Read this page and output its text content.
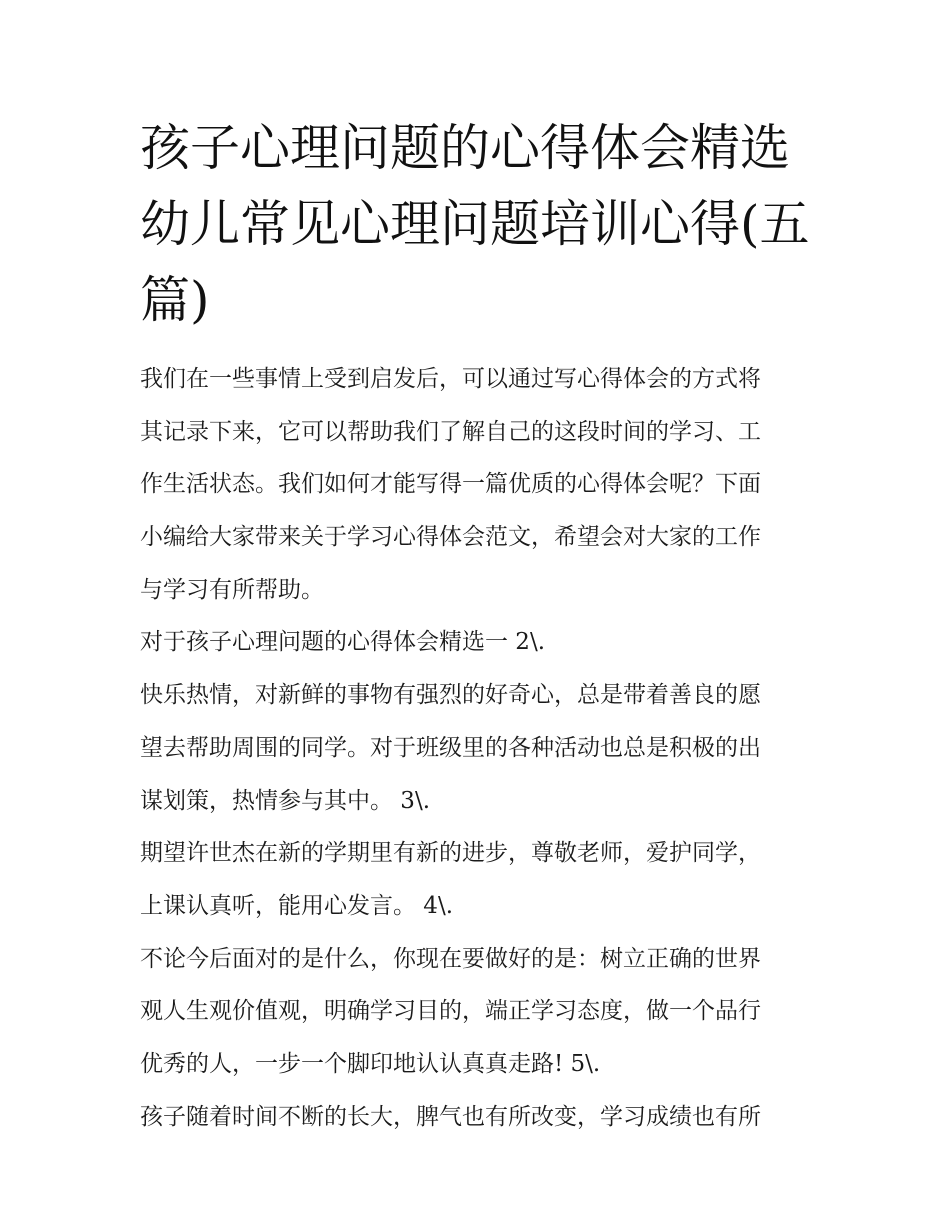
孩子心理问题的心得体会精选
幼儿常见心理问题培训心得(五
篇)
我们在一些事情上受到启发后，可以通过写心得体会的方式将
其记录下来，它可以帮助我们了解自己的这段时间的学习、工
作生活状态。我们如何才能写得一篇优质的心得体会呢？下面
小编给大家带来关于学习心得体会范文，希望会对大家的工作
与学习有所帮助。
对于孩子心理问题的心得体会精选一 2\.
快乐热情，对新鲜的事物有强烈的好奇心，总是带着善良的愿
望去帮助周围的同学。对于班级里的各种活动也总是积极的出
谋划策，热情参与其中。 3\.
期望许世杰在新的学期里有新的进步，尊敬老师，爱护同学，
上课认真听，能用心发言。 4\.
不论今后面对的是什么，你现在要做好的是：树立正确的世界
观人生观价值观，明确学习目的，端正学习态度，做一个品行
优秀的人，一步一个脚印地认认真真走路! 5\.
孩子随着时间不断的长大，脾气也有所改变，学习成绩也有所
